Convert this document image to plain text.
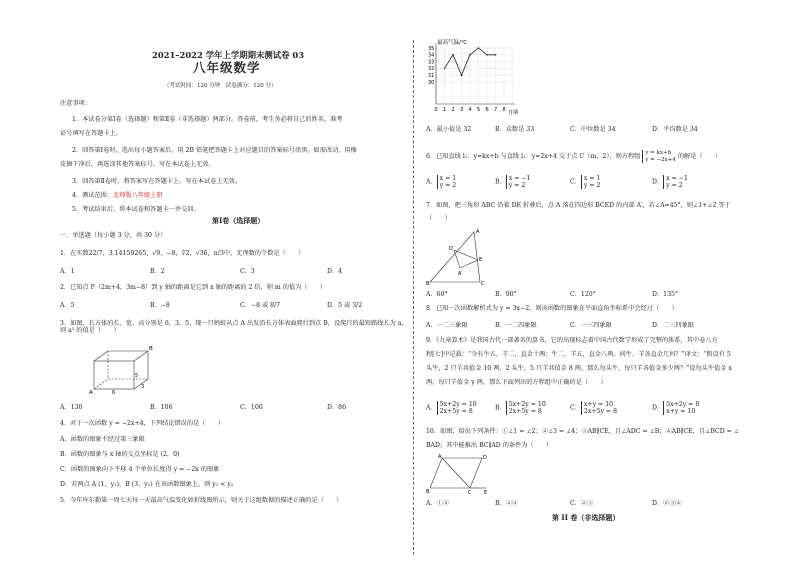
2021–2022 学年上学期期末测试卷 03
八年级数学
（考试时间：120 分钟　试卷满分：120 分）
注意事项：
1．本试卷分第Ⅰ卷（选择题）和第Ⅱ卷（非选择题）两部分。答卷前，考生务必将自己的姓名、准考
证号填写在答题卡上。
2．回答第Ⅰ卷时，选出每小题答案后，用 2B 铅笔把答题卡上对应题目的答案标号涂黑。如需改动，用橡
皮擦干净后，再选涂其他答案标号。写在本试卷上无效。
3．回答第Ⅱ卷时，将答案写在答题卡上。写在本试卷上无效。
4．测试范围：北师版八年级上册
5．考试结束后，将本试卷和答题卡一并交回。
第Ⅰ卷（选择题）
一、单选题（每小题 3 分，共 30 分）
1．在实数22/7，3.14159265，√9，−8，∛2，√36，π/3中，无理数的个数是（　　）
A．1	B．2	C．3	D．4
2．已知点 P（2m+4，3m−8）到 y 轴的距离是它到 x 轴的距离的 2 倍，则 m 的值为（　　）
A．5	B．−8	C．−8 或 8/7	D．5 或 3/2
3．如图，长方体的长、宽、高分别是 6，3，5，现一只蚂蚁从点 A 出发沿长方体表面爬行到点 B，设爬行的最短路线长为 a，则 a² 的值是（　　）
B
A
5
3
6
A．130	B．106	C．100	D．86
4．对于一次函数 y = −2x+4，下列结论错误的是（　　）
A．函数的图象不经过第三象限
B．函数的图象与 x 轴的交点坐标是 (2，0)
C．函数的图象向下平移 4 个单位长度得 y = −2x 的图象
D．若两点 A (1，y₁)，B (3，y₂) 在该函数图象上，则 y₁ < y₂
5．今年库尔勒第一周七天每一天最高气温变化如折线图所示，则关于这组数据的描述正确的是（　　）
35
34
33
32
31
30
0 1 2 3 4 5 6 7 8
最高气温/℃
日期
A．最小值是 32	B．众数是 33	C．中位数是 34	D．平均数是 34
6．已知直线 l₁：y=kx+b 与直线 l₂：y=2x+4 交于点 C（m，2），则方程组 y = kx+b
y = −2x+4 的解是（　　）
A． x = 1
y = 2	B． x = −1
y = 2	C． x = 1
y = 2	D． x = −1
y = 2
7．如图，把三角形 ABC 沿着 DE 折叠后，点 A 落在四边形 BCED 的内部 A′，若∠A=45°，则∠1+∠2 等于
（　　）
A
B	C
D
E
A′
A．60°	B．90°	C．120°	D．135°
8．已知一次函数解析式为 y = 3x−2，则该函数的图象在平面直角坐标系中会经过（　　）
A．一二三象限	B．一二四象限	C．一三四象限	D．二三四象限
9．《九章算术》是我国古代一部著名的算书，它的出现标志着中国古代数学形成了完整的体系，其中卷八方
程[七]中记载：“今有牛五，羊二，直金十两；牛二，羊五，直金八两。问牛、羊各直金几何？”译文：“假设有 5
头牛，2 只羊共值金 10 两，2 头牛，5 只羊共值金 8 两，那么每头牛，每只羊各值金多少两？”设每头牛值金 x
两，每只羊值金 y 两，那么下面列出的方程组中正确的是（　　）
A． 5x+2y = 10
2x+5y = 8	B． 5x+2y = 10
2x+5y = 8	C． x+y = 10
2x+5y = 8	D． 5x+2y = 8
x+y = 10
10．如图，给出下列条件：①∠1 = ∠2；②∠3 = ∠4；③AB∥CE，且∠ADC = ∠B；④AB∥CE，且∠BCD = ∠
BAD；其中能推出 BC∥AD 的条件为（　　）
A	D
B	C	E
A．①②	B．②④	C．②③	D．②③④
第 II 卷（非选择题）
